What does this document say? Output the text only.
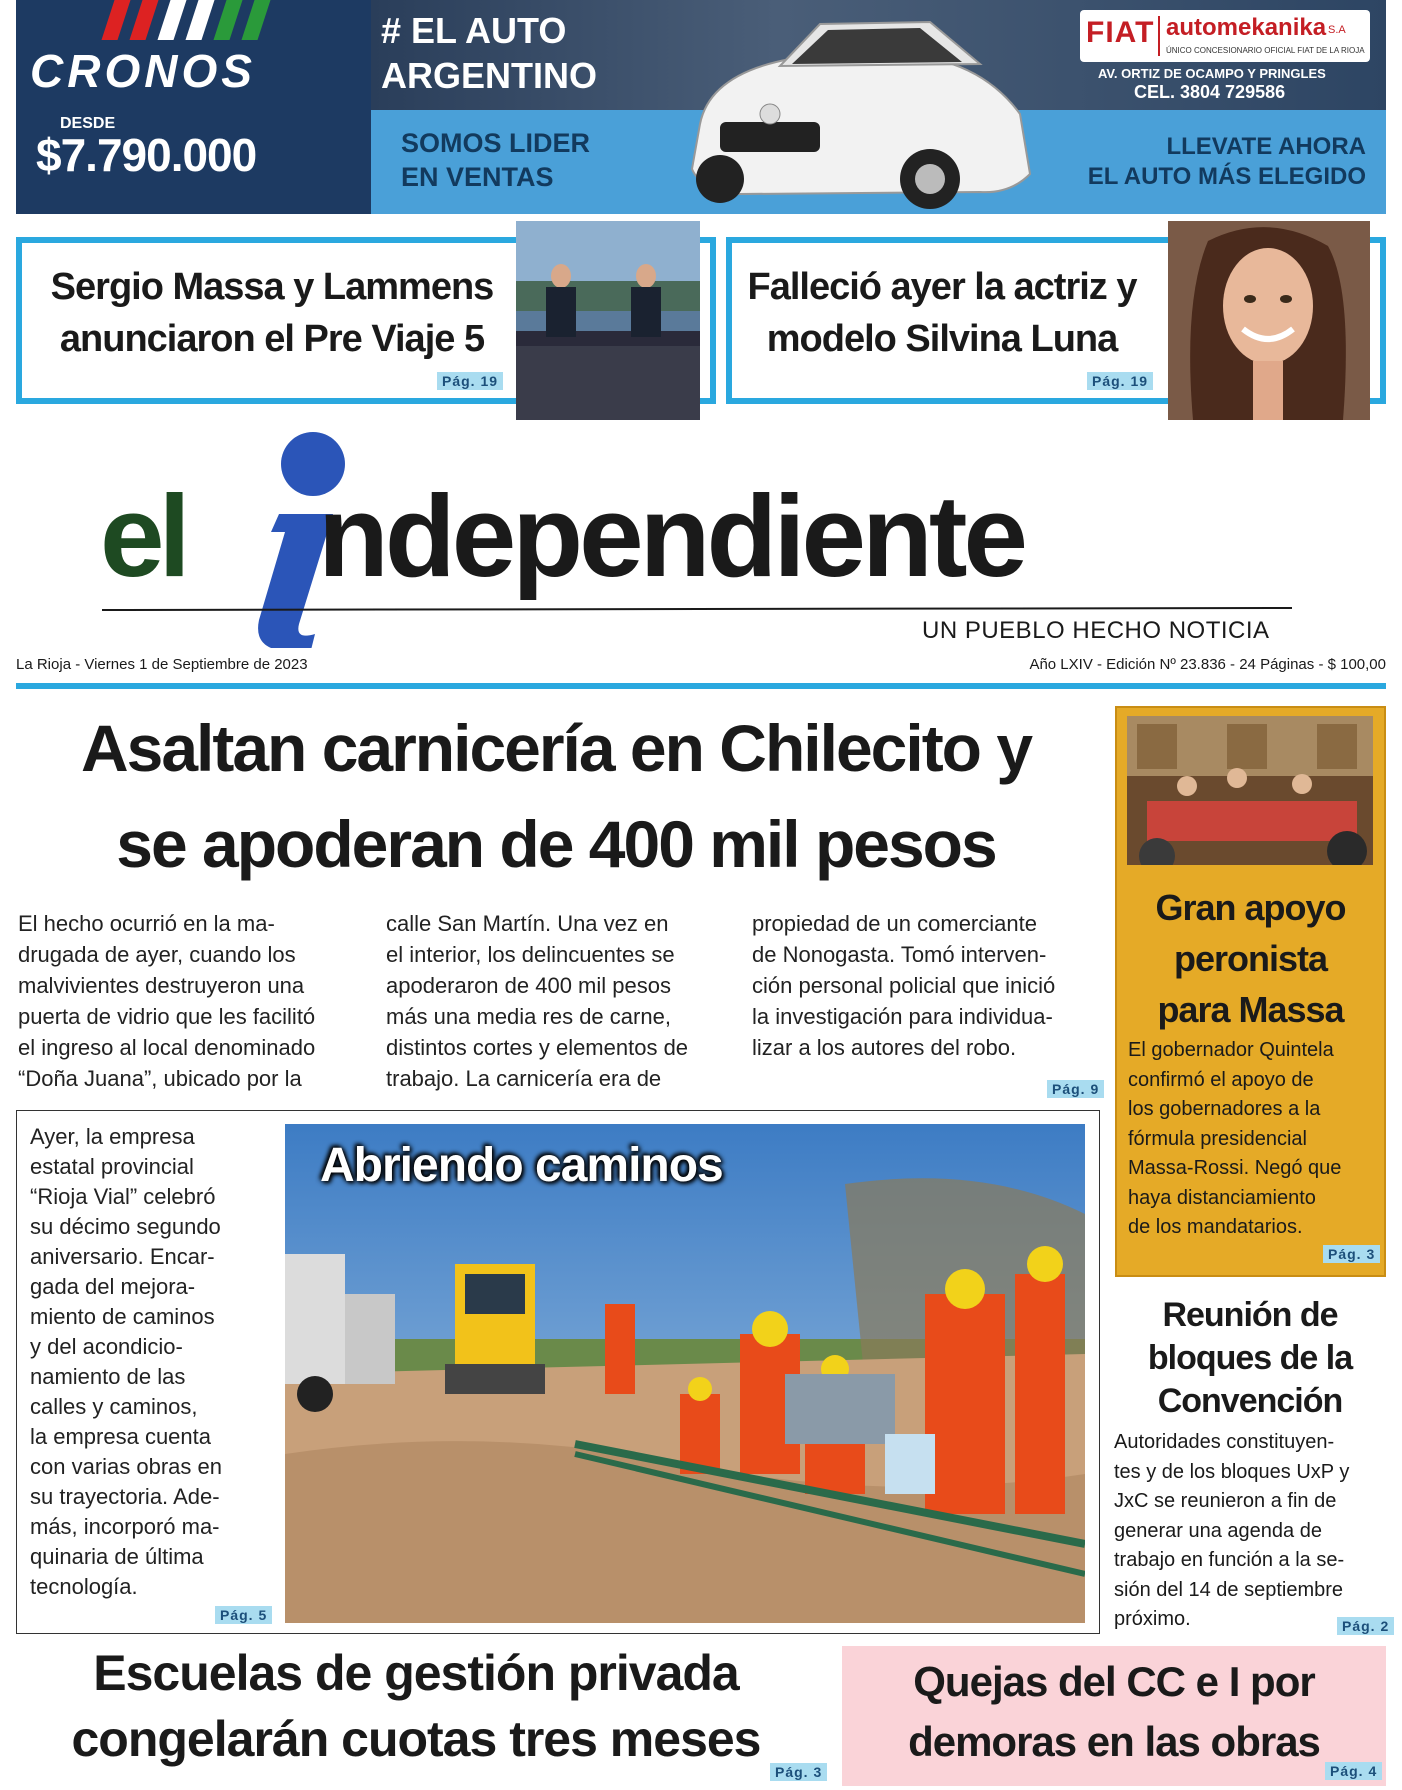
CRONOS
DESDE
$7.790.000
# EL AUTO
ARGENTINO
SOMOS LIDER
EN VENTAS
FIAT automekanika S.A
ÚNICO CONCESIONARIO OFICIAL FIAT DE LA RIOJA
AV. ORTIZ DE OCAMPO Y PRINGLES
CEL. 3804 729586
LLEVATE AHORA
EL AUTO MÁS ELEGIDO
Sergio Massa y Lammens
anunciaron el Pre Viaje 5
Pág. 19
Falleció ayer la actriz y
modelo Silvina Luna
Pág. 19
el ndependiente
UN PUEBLO HECHO NOTICIA
La Rioja - Viernes 1 de Septiembre de 2023	Año LXIV - Edición Nº 23.836 - 24 Páginas - $ 100,00
Asaltan carnicería en Chilecito y
se apoderan de 400 mil pesos
El hecho ocurrió en la ma-
drugada de ayer, cuando los
malvivientes destruyeron una
puerta de vidrio que les facilitó
el ingreso al local denominado
“Doña Juana”, ubicado por la
calle San Martín. Una vez en
el interior, los delincuentes se
apoderaron de 400 mil pesos
más una media res de carne,
distintos cortes y elementos de
trabajo. La carnicería era de
propiedad de un comerciante
de Nonogasta. Tomó interven-
ción personal policial que inició
la investigación para individua-
lizar a los autores del robo.
Pág. 9
Ayer, la empresa
estatal provincial
“Rioja Vial” celebró
su décimo segundo
aniversario. Encar-
gada del mejora-
miento de caminos
y del acondicio-
namiento de las
calles y caminos,
la empresa cuenta
con varias obras en
su trayectoria. Ade-
más, incorporó ma-
quinaria de última
tecnología.
Pág. 5
Abriendo caminos
Gran apoyo
peronista
para Massa
El gobernador Quintela
confirmó el apoyo de
los gobernadores a la
fórmula presidencial
Massa-Rossi. Negó que
haya distanciamiento
de los mandatarios.
Pág. 3
Reunión de
bloques de la
Convención
Autoridades constituyen-
tes y de los bloques UxP y
JxC se reunieron a fin de
generar una agenda de
trabajo en función a la se-
sión del 14 de septiembre
próximo.	Pág. 2
Escuelas de gestión privada
congelarán cuotas tres meses
Pág. 3
Quejas del CC e I por
demoras en las obras
Pág. 4
